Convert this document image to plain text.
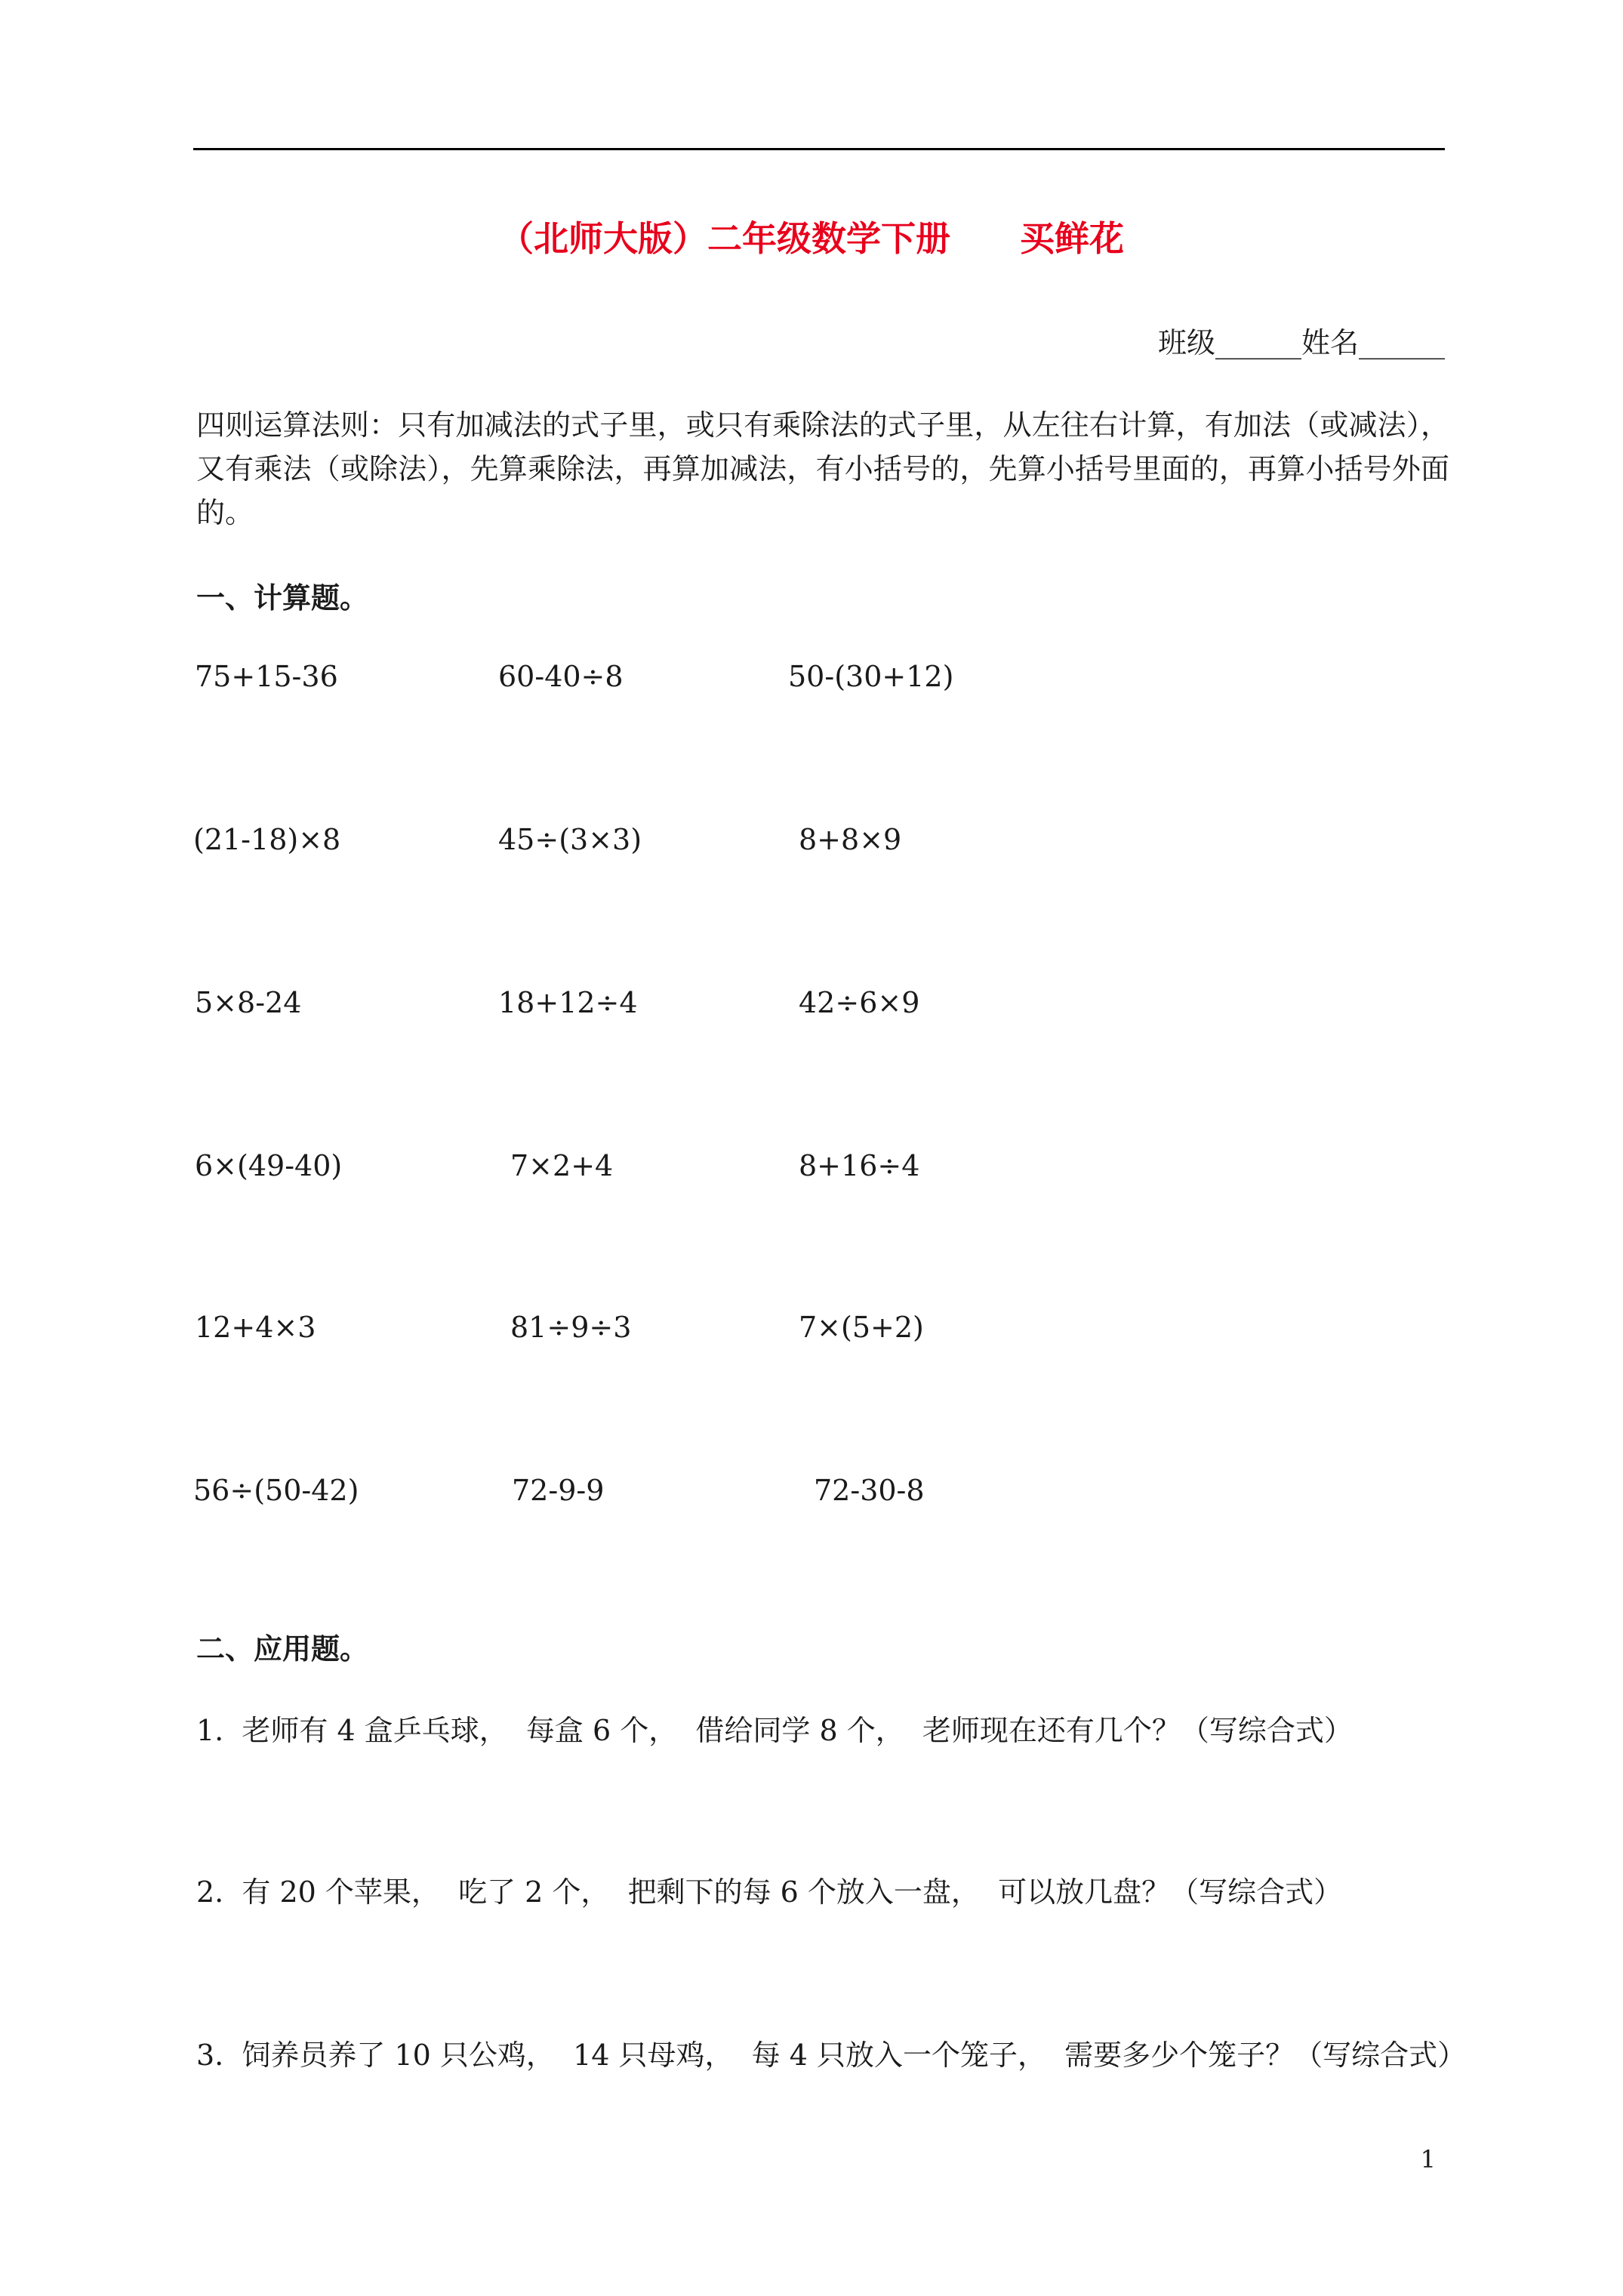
（北师大版）二年级数学下册　　买鲜花
班级______姓名______
四则运算法则：只有加减法的式子里，或只有乘除法的式子里，从左往右计算，有加法（或减法），又有乘法（或除法），先算乘除法，再算加减法，有小括号的，先算小括号里面的，再算小括号外面的。
一、计算题。
75+15-36	60-40÷8	50-(30+12)
(21-18)×8	45÷(3×3)	8+8×9
5×8-24	18+12÷4	42÷6×9
6×(49-40)	7×2+4	8+16÷4
12+4×3	81÷9÷3	7×(5+2)
56÷(50-42)	72-9-9	72-30-8
二、应用题。
1.  老师有 4 盒乒乓球，  每盒 6 个，  借给同学 8 个，  老师现在还有几个？（写综合式）
2.  有 20 个苹果，  吃了 2 个，  把剩下的每 6 个放入一盘，  可以放几盘？（写综合式）
3.  饲养员养了 10 只公鸡，  14 只母鸡，  每 4 只放入一个笼子，  需要多少个笼子？（写综合式）
1
